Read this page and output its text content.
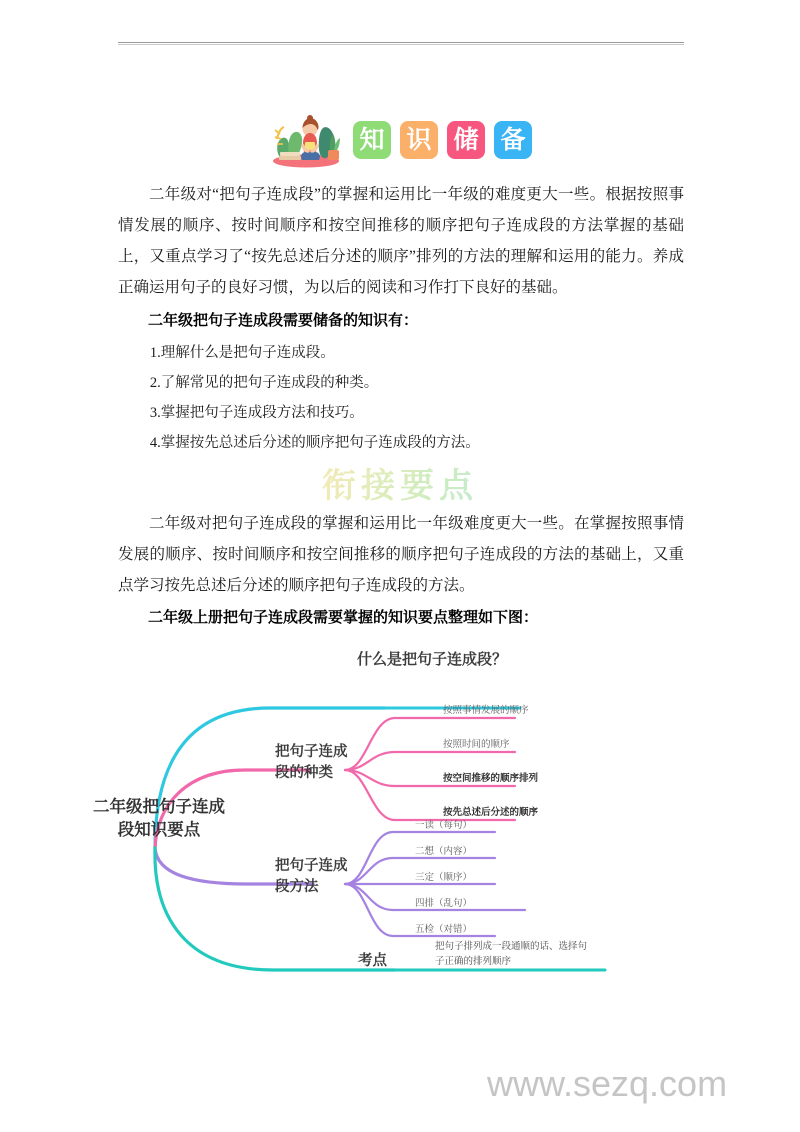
知 识 储 备
二年级对“把句子连成段”的掌握和运用比一年级的难度更大一些。根据按照事情发展的顺序、按时间顺序和按空间推移的顺序把句子连成段的方法掌握的基础上，又重点学习了“按先总述后分述的顺序”排列的方法的理解和运用的能力。养成正确运用句子的良好习惯，为以后的阅读和习作打下良好的基础。
二年级把句子连成段需要储备的知识有：
1.理解什么是把句子连成段。
2.了解常见的把句子连成段的种类。
3.掌握把句子连成段方法和技巧。
4.掌握按先总述后分述的顺序把句子连成段的方法。
衔接要点
二年级对把句子连成段的掌握和运用比一年级难度更大一些。在掌握按照事情发展的顺序、按时间顺序和按空间推移的顺序把句子连成段的方法的基础上，又重点学习按先总述后分述的顺序把句子连成段的方法。
二年级上册把句子连成段需要掌握的知识要点整理如下图：
二年级把句子连成段知识要点
什么是把句子连成段？
把句子连成段的种类
按照事情发展的顺序
按照时间的顺序
按空间推移的顺序排列
按先总述后分述的顺序
把句子连成段方法
一读（每句）
二想（内容）
三定（顺序）
四排（乱句）
五检（对错）
考点
把句子排列成一段通顺的话、选择句子正确的排列顺序
www.sezq.com
